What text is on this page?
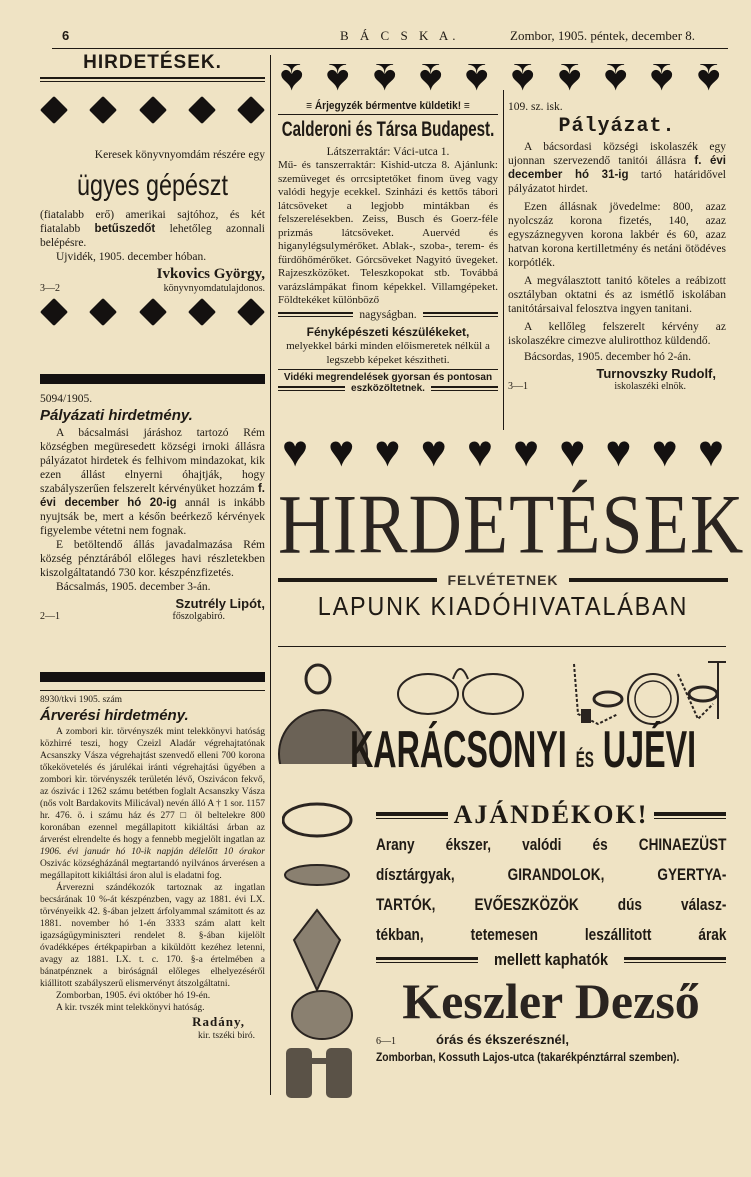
6	B Á C S K A.	Zombor, 1905. péntek, december 8.
HIRDETÉSEK.

Keresek könyvnyomdám részére egy

ügyes gépészt

(fiatalabb erő) amerikai sajtóhoz, és két fiatalabb betűszedőt lehetőleg azonnali belépésre.

Ujvidék, 1905. december hóban.

Ivkovics György,

3—2	könyvnyomdatulajdonos.

5094/1905.

Pályázati hirdetmény.

A bácsalmási járáshoz tartozó Rém községben megüresedett községi irnoki állásra pályázatot hirdetek és felhivom mindazokat, kik ezen állást elnyerni óhajtják, hogy szabályszerűen felszerelt kérvényüket hozzám f. évi december hó 20-ig annál is inkább nyujtsák be, mert a későn beérkező kérvények figyelembe vétetni nem fognak.

E betöltendő állás javadalmazása Rém község pénztárából előleges havi részletekben kiszolgáltatandó 730 kor. készpénzfizetés.

Bácsalmás, 1905. december 3-án.

Szutrély Lipót,

2—1	főszolgabiró.

8930/tkvi 1905. szám

Árverési hirdetmény.

A zombori kir. törvényszék mint telekkönyvi hatóság közhirré teszi, hogy Czeizl Aladár végrehajtatónak Acsanszky Vásza végrehajtást szenvedő elleni 700 korona tőkekövetelés és járulékai iránti végrehajtási ügyében a zombori kir. törvényszék területén lévő, Oszivácon fekvő, az ószivác i 1262 számu betétben foglalt Acsanszky Vásza (nős volt Bardakovits Milicával) nevén álló A † 1 sor. 1157 hr. 476. ö. i számu ház és 277 □ öl beltelekre 800 koronában ezennel megállapitott kikiáltási árban az árverést elrendelte és hogy a fennebb megjelölt ingatlan az 1906. évi január hó 10-ik napján délelőtt 10 órakor Oszivác községházánál megtartandó nyilvános árverésen a megállapitott kikiáltási áron alul is eladatni fog.

Árverezni szándékozók tartoznak az ingatlan becsárának 10 %-át készpénzben, vagy az 1881. évi LX. törvényeikk 42. §-ában jelzett árfolyammal számitott és az 1881. november hó 1-én 3333 szám alatt kelt igazságügyminiszteri rendelet 8. §-ában kijelölt óvadékképes értékpapirban a kiküldött kezéhez letenni, avagy az 1881. LX. t. c. 170. §-a értelmében a bánatpénznek a biróságnál előleges elhelyezéséről kiállitott szabályszerű elismervényt átszolgáltatni.

Zomborban, 1905. évi október hó 19-én.

A kir. tvszék mint telekkönyvi hatóság.

Radány,

kir. tszéki biró.

♠ ♠ ♠ ♠ ♠ ♠ ♠ ♠ ♠ ♠

≡ Árjegyzék bérmentve küldetik! ≡

Calderoni és Társa Budapest.

Látszerraktár: Váci-utca 1.

Mű- és tanszerraktár: Kishid-utcza 8. Ajánlunk: szemüveget és orrcsiptetőket finom üveg vagy valódi hegyje ecekkel. Szinházi és kettős tábori látcsöveket a legjobb mintákban és felszerelésekben. Zeiss, Busch és Goerz-féle prizmás látcsöveket. Auervéd és higanylégsulymérőket. Ablak-, szoba-, terem- és fürdőhőmérőket. Górcsöveket Nagyitó üvegeket. Rajzeszközöket. Teleszkopokat stb. Továbbá varázslámpákat finom képekkel. Villamgépeket. Földtekéket különböző

nagyságban.

Fényképészeti készülékeket,

melyekkel bárki minden előismeretek nélkül a legszebb képeket készitheti.

Vidéki megrendelések gyorsan és pontosan

eszközöltetnek.

109. sz. isk.

Pályázat.

A bácsordasi községi iskolaszék egy ujonnan szervezendő tanitói állásra f. évi december hó 31-ig tartó határidővel pályázatot hirdet.

Ezen állásnak jövedelme: 800, azaz nyolcszáz korona fizetés, 140, azaz egyszáznegyven korona lakbér és 60, azaz hatvan korona kertilletmény és netáni ötödéves korpótlék.

A megválasztott tanitó köteles a reábizott osztályban oktatni és az ismétlő iskolában tanitótársaival felosztva ingyen tanitani.

A kellőleg felszerelt kérvény az iskolaszékre cimezve alulirotthoz küldendő.

Bácsordas, 1905. december hó 2-án.

Turnovszky Rudolf,

3—1	iskolaszéki elnök.
♥ ♥ ♥ ♥ ♥ ♥ ♥ ♥ ♥ ♥

HIRDETÉSEK

FELVÉTETNEK

LAPUNK KIADÓHIVATALÁBAN

KARÁCSONYI ÉS UJÉVI

AJÁNDÉKOK!

Arany ékszer, valódi és CHINAEZÜST

dísztárgyak, GIRANDOLOK, GYERTYA-

TARTÓK, EVŐESZKÖZÖK dús válasz-

tékban, tetemesen leszállitott árak

mellett kaphatók

Keszler Dezső

6—1	órás és ékszerésznél,

Zomborban, Kossuth Lajos-utca (takarékpénztárral szemben).
